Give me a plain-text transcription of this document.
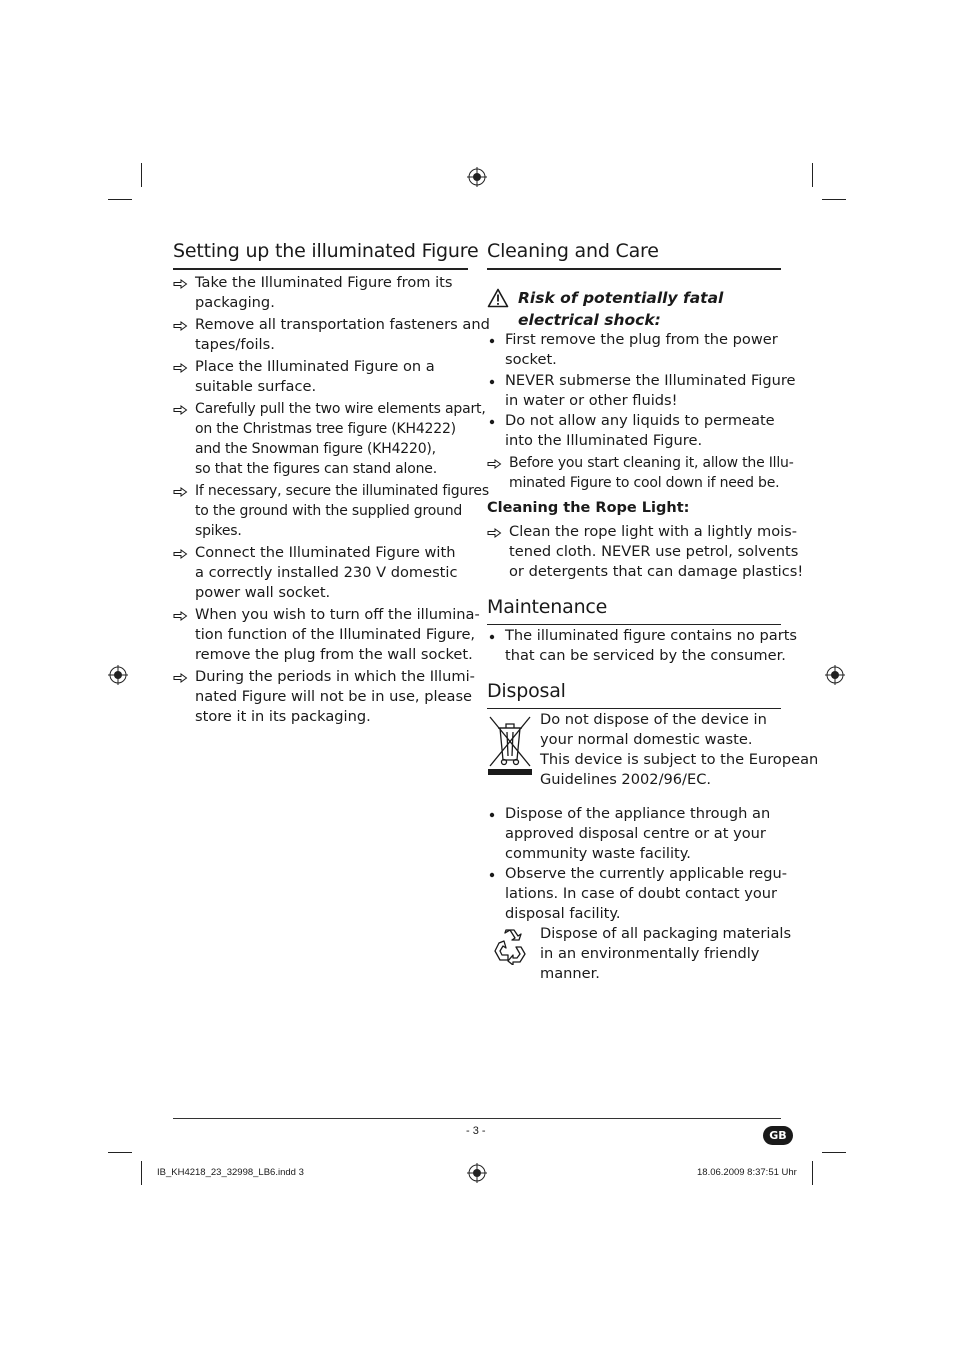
Setting up the illuminated Figure
Take the Illuminated Figure from its
packaging.
Remove all transportation fasteners and
tapes/foils.
Place the Illuminated Figure on a
suitable surface.
Carefully pull the two wire elements apart,
on the Christmas tree figure (KH4222)
and the Snowman figure (KH4220),
so that the figures can stand alone.
If necessary, secure the illuminated figures
to the ground with the supplied ground
spikes.
Connect the Illuminated Figure with
a correctly installed 230 V domestic
power wall socket.
When you wish to turn off the illumina-
tion function of the Illuminated Figure,
remove the plug from the wall socket.
During the periods in which the Illumi-
nated Figure will not be in use, please
store it in its packaging.
Cleaning and Care
Risk of potentially fatal
electrical shock:
First remove the plug from the power
socket.
NEVER submerse the Illuminated Figure
in water or other fluids!
Do not allow any liquids to permeate
into the Illuminated Figure.
Before you start cleaning it, allow the Illu-
minated Figure to cool down if need be.
Cleaning the Rope Light:
Clean the rope light with a lightly mois-
tened cloth. NEVER use petrol, solvents
or detergents that can damage plastics!
Maintenance
The illuminated figure contains no parts
that can be serviced by the consumer.
Disposal
Do not dispose of the device in
your normal domestic waste.
This device is subject to the European
Guidelines 2002/96/EC.
Dispose of the appliance through an
approved disposal centre or at your
community waste facility.
Observe the currently applicable regu-
lations. In case of doubt contact your
disposal facility.
Dispose of all packaging materials
in an environmentally friendly
manner.
- 3 -	GB
IB_KH4218_23_32998_LB6.indd 3	18.06.2009 8:37:51 Uhr
